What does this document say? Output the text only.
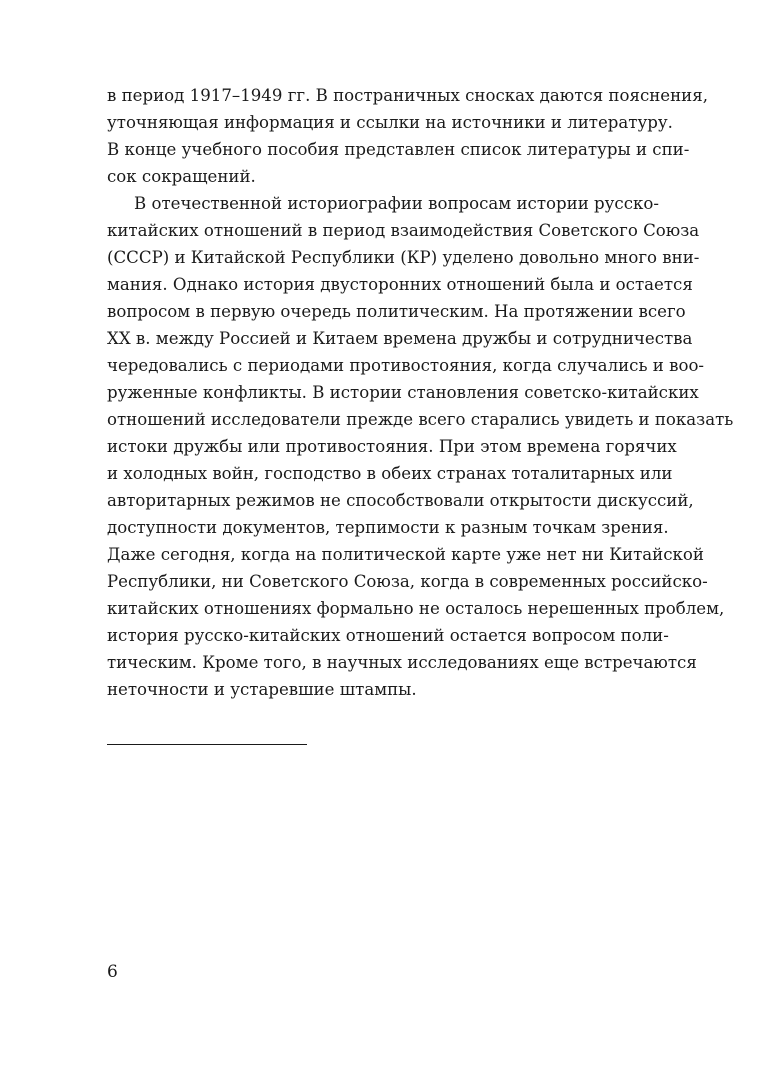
в период 1917–1949 гг. В постраничных сносках даются пояснения,
уточняющая информация и ссылки на источники и литературу.
В конце учебного пособия представлен список литературы и спи-
сок сокращений.
В отечественной историографии вопросам истории русско-
китайских отношений в период взаимодействия Советского Союза
(СССР) и Китайской Республики (КР) уделено довольно много вни-
мания. Однако история двусторонних отношений была и остается
вопросом в первую очередь политическим. На протяжении всего
XX в. между Россией и Китаем времена дружбы и сотрудничества
чередовались с периодами противостояния, когда случались и воо-
руженные конфликты. В истории становления советско-китайских
отношений исследователи прежде всего старались увидеть и показать
истоки дружбы или противостояния. При этом времена горячих
и холодных войн, господство в обеих странах тоталитарных или
авторитарных режимов не способствовали открытости дискуссий,
доступности документов, терпимости к разным точкам зрения.
Даже сегодня, когда на политической карте уже нет ни Китайской
Республики, ни Советского Союза, когда в современных российско-
китайских отношениях формально не осталось нерешенных проблем,
история русско-китайских отношений остается вопросом поли-
тическим. Кроме того, в научных исследованиях еще встречаются
неточности и устаревшие штампы.
6
